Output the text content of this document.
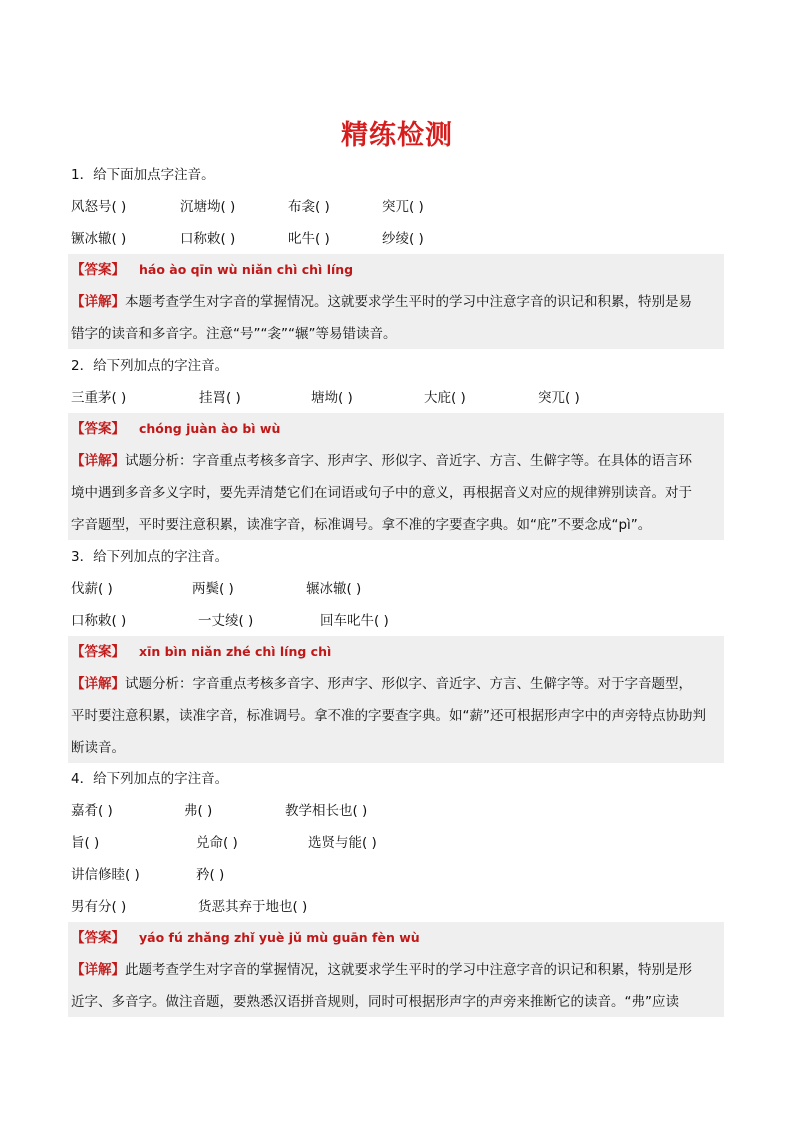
精练检测
1．给下面加点字注音。
风怒号( )	沉塘坳( )	布衾( )	突兀( )
镢冰辙( )	口称敕( )	叱牛( )	纱绫( )
【答案】 háo ào qīn wù niǎn chì chì líng
【详解】本题考查学生对字音的掌握情况。这就要求学生平时的学习中注意字音的识记和积累，特别是易
错字的读音和多音字。注意“号”“衾”“辗”等易错读音。
2．给下列加点的字注音。
三重茅( )	挂罥( )	塘坳( )	大庇( )	突兀( )
【答案】 chóng juàn ào bì wù
【详解】试题分析：字音重点考核多音字、形声字、形似字、音近字、方言、生僻字等。在具体的语言环
境中遇到多音多义字时，要先弄清楚它们在词语或句子中的意义，再根据音义对应的规律辨别读音。对于
字音题型，平时要注意积累，读准字音，标准调号。拿不准的字要查字典。如“庇”不要念成“pì”。
3．给下列加点的字注音。
伐薪( )	两鬓( )	辗冰辙( )
口称敕( )	一丈绫( )	回车叱牛( )
【答案】 xīn bìn niǎn zhé chì líng chì
【详解】试题分析：字音重点考核多音字、形声字、形似字、音近字、方言、生僻字等。对于字音题型，
平时要注意积累，读准字音，标准调号。拿不准的字要查字典。如“薪”还可根据形声字中的声旁特点协助判
断读音。
4．给下列加点的字注音。
嘉肴( )	弗( )	教学相长也( )
旨( )	兑命( )	选贤与能( )
讲信修睦( )	矜( )
男有分( )	货恶其弃于地也( )
【答案】 yáo fú zhǎng zhǐ yuè jǔ mù guān fèn wù
【详解】此题考查学生对字音的掌握情况，这就要求学生平时的学习中注意字音的识记和积累，特别是形
近字、多音字。做注音题，要熟悉汉语拼音规则，同时可根据形声字的声旁来推断它的读音。“弗”应读
